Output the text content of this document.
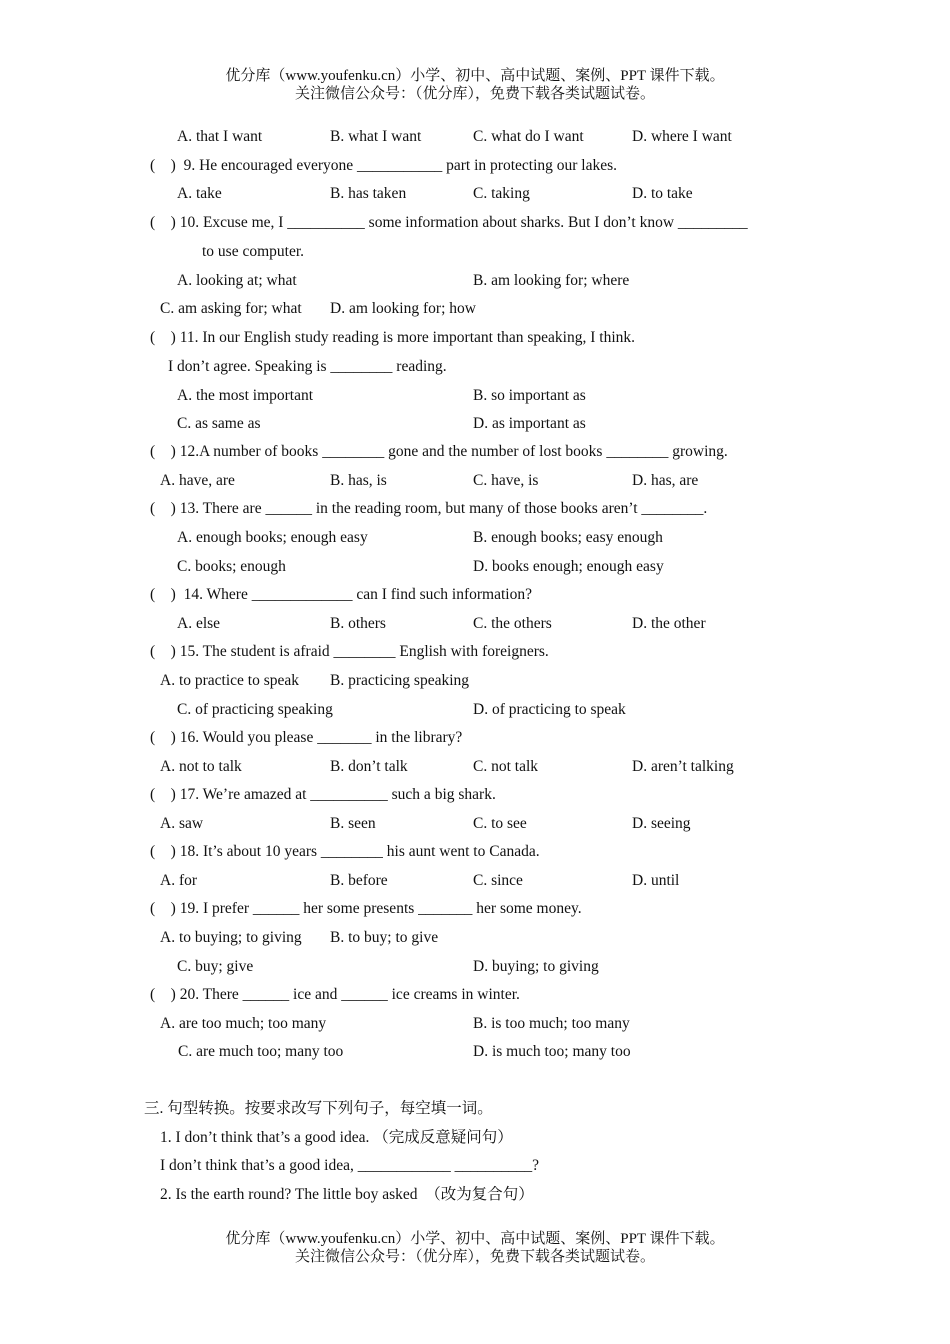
优分库（www.youfenku.cn）小学、初中、高中试题、案例、PPT 课件下载。
关注微信公众号：（优分库），免费下载各类试题试卷。
A. that I want	B. what I want	C. what do I want	D. where I want
(　)  9. He encouraged everyone ___________ part in protecting our lakes.
A. take	B. has taken	C. taking	D. to take
(　) 10. Excuse me, I __________ some information about sharks. But I don’t know _________
to use computer.
A. looking at; what	B. am looking for; where
C. am asking for; what D. am looking for; how
(　) 11. In our English study reading is more important than speaking, I think.
I don’t agree. Speaking is ________ reading.
A. the most important	B. so important as
C. as same as	D. as important as
(　) 12.A number of books ________ gone and the number of lost books ________ growing.
A. have, are	B. has, is	C. have, is	D. has, are
(　) 13. There are ______ in the reading room, but many of those books aren’t ________.
A. enough books; enough easy	B. enough books; easy enough
C. books; enough	D. books enough; enough easy
(　)  14. Where _____________ can I find such information?
A. else	B. others	C. the others	D. the other
(　) 15. The student is afraid ________ English with foreigners.
A. to practice to speak B. practicing speaking
C. of practicing speaking	D. of practicing to speak
(　) 16. Would you please _______ in the library?
A. not to talk	B. don’t talk	C. not talk	D. aren’t talking
(　) 17. We’re amazed at __________ such a big shark.
A. saw	B. seen	C. to see	D. seeing
(　) 18. It’s about 10 years ________ his aunt went to Canada.
A. for	B. before	C. since	D. until
(　) 19. I prefer ______ her some presents _______ her some money.
A. to buying; to giving B. to buy; to give
C. buy; give	D. buying; to giving
(　) 20. There ______ ice and ______ ice creams in winter.
A. are too much; too many	B. is too much; too many
C. are much too; many too	D. is much too; many too
三. 句型转换。按要求改写下列句子，每空填一词。
1. I don’t think that’s a good idea. （完成反意疑问句）
I don’t think that’s a good idea, ____________ __________?
2. Is the earth round? The little boy asked  （改为复合句）
优分库（www.youfenku.cn）小学、初中、高中试题、案例、PPT 课件下载。
关注微信公众号：（优分库），免费下载各类试题试卷。
